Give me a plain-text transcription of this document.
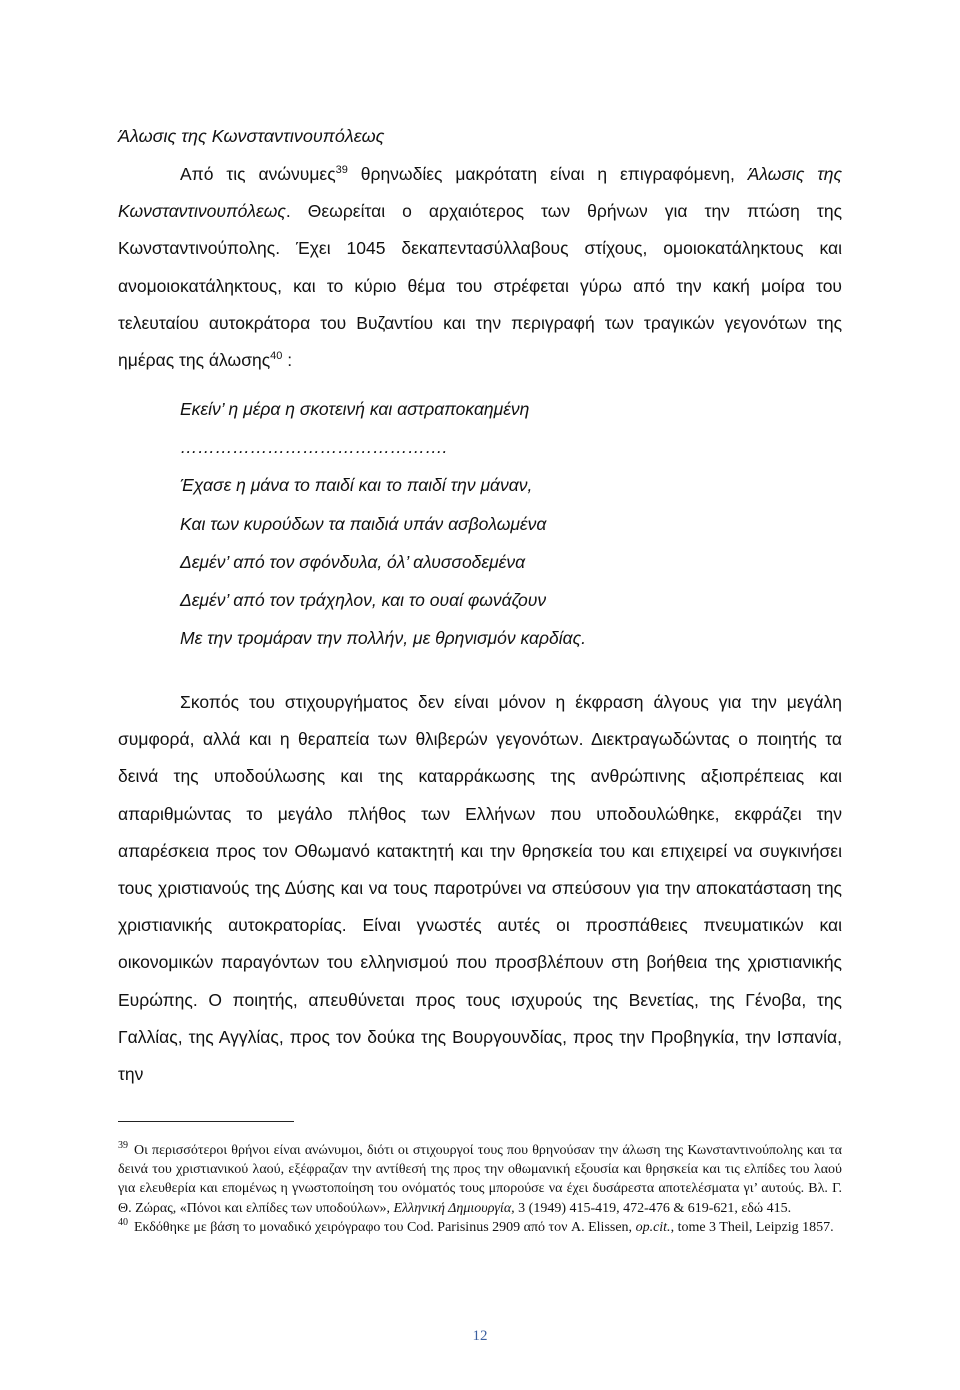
Άλωσις της Κωνσταντινουπόλεως

Από τις ανώνυμες$^{39}$ θρηνωδίες μακρότατη είναι η επιγραφόμενη, Άλωσις της Κωνσταντινουπόλεως. Θεωρείται ο αρχαιότερος των θρήνων για την πτώση της Κωνσταντινούπολης. Έχει 1045 δεκαπεντασύλλαβους στίχους, ομοιοκατάληκτους και ανομοιοκατάληκτους, και το κύριο θέμα του στρέφεται γύρω από την κακή μοίρα του τελευταίου αυτοκράτορα του Βυζαντίου και την περιγραφή των τραγικών γεγονότων της ημέρας της άλωσης$^{40}$ :

Εκείν’ η μέρα η σκοτεινή και αστραποκαημένη
……………………………………….
Έχασε η μάνα το παιδί και το παιδί την μάναν,
Και των κυρούδων τα παιδιά υπάν ασβολωμένα
Δεμέν’ από τον σφόνδυλα, όλ’ αλυσσοδεμένα
Δεμέν’ από τον τράχηλον, και το ουαί φωνάζουν
Με την τρομάραν την πολλήν, με θρηνισμόν καρδίας.

Σκοπός του στιχουργήματος δεν είναι μόνον η έκφραση άλγους για την μεγάλη συμφορά, αλλά και η θεραπεία των θλιβερών γεγονότων. Διεκτραγωδώντας ο ποιητής τα δεινά της υποδούλωσης και της καταρράκωσης της ανθρώπινης αξιοπρέπειας και απαριθμώντας το μεγάλο πλήθος των Ελλήνων που υποδουλώθηκε, εκφράζει την απαρέσκεια προς τον Οθωμανό κατακτητή και την θρησκεία του και επιχειρεί να συγκινήσει τους χριστιανούς της Δύσης και να τους παροτρύνει να σπεύσουν για την αποκατάσταση της χριστιανικής αυτοκρατορίας. Είναι γνωστές αυτές οι προσπάθειες πνευματικών και οικονομικών παραγόντων του ελληνισμού που προσβλέπουν στη βοήθεια της χριστιανικής Ευρώπης. Ο ποιητής, απευθύνεται προς τους ισχυρούς της Βενετίας, της Γένοβα, της Γαλλίας, της Αγγλίας, προς τον δούκα της Βουργουνδίας, προς την Προβηγκία, την Ισπανία, την

$^{39}$ Οι περισσότεροι θρήνοι είναι ανώνυμοι, διότι οι στιχουργοί τους που θρηνούσαν την άλωση της Κωνσταντινούπολης και τα δεινά του χριστιανικού λαού, εξέφραζαν την αντίθεσή της προς την οθωμανική εξουσία και θρησκεία και τις ελπίδες του λαού για ελευθερία και επομένως η γνωστοποίηση του ονόματός τους μπορούσε να έχει δυσάρεστα αποτελέσματα γι’ αυτούς. Βλ. Γ. Θ. Ζώρας, «Πόνοι και ελπίδες των υποδούλων», Ελληνική Δημιουργία, 3 (1949) 415-419, 472-476 & 619-621, εδώ 415.

$^{40}$ Εκδόθηκε με βάση το μοναδικό χειρόγραφο του Cod. Parisinus 2909 από τον A. Elissen, op.cit., tome 3 Theil, Leipzig 1857.

12
